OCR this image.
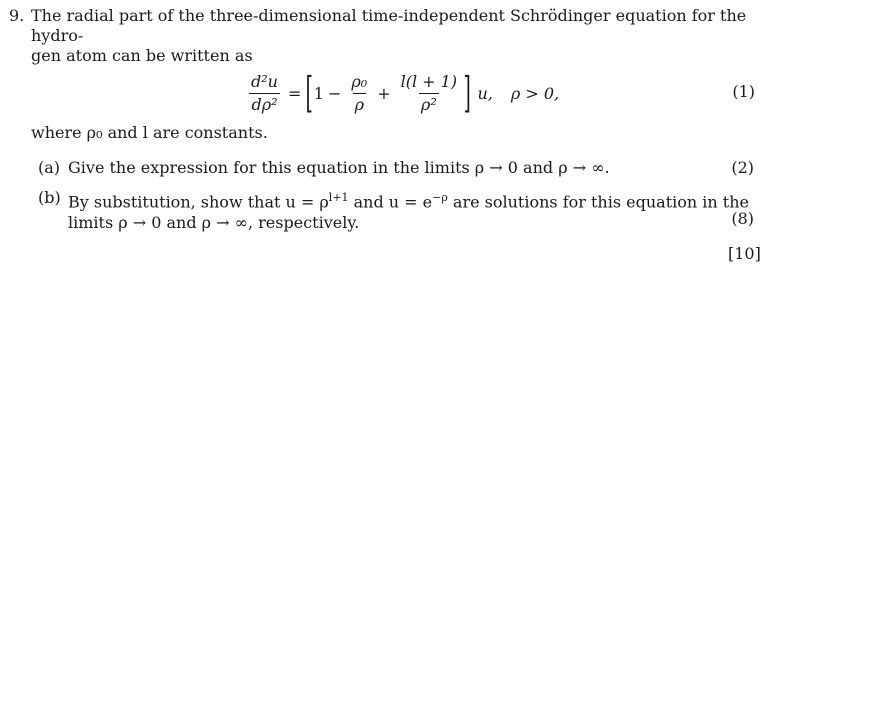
9. The radial part of the three-dimensional time-independent Schrödinger equation for the hydro-
gen atom can be written as
$\frac{\text{d²u}}{\text{dρ²}}$ = [ $1 - \frac{\text{ρ₀}}{\rho} + \frac{l(l + 1)}{\text{ρ²}}$ ] u, ρ > 0,	(1)
where ρ₀ and l are constants.
(a) Give the expression for this equation in the limits ρ → 0 and ρ → ∞.	(2)
(b) By substitution, show that $u = \rho^{l+1}$ and $u = e^{-\rho}$ are solutions for this equation in the
limits ρ → 0 and ρ → ∞, respectively.	(8)
[10]
